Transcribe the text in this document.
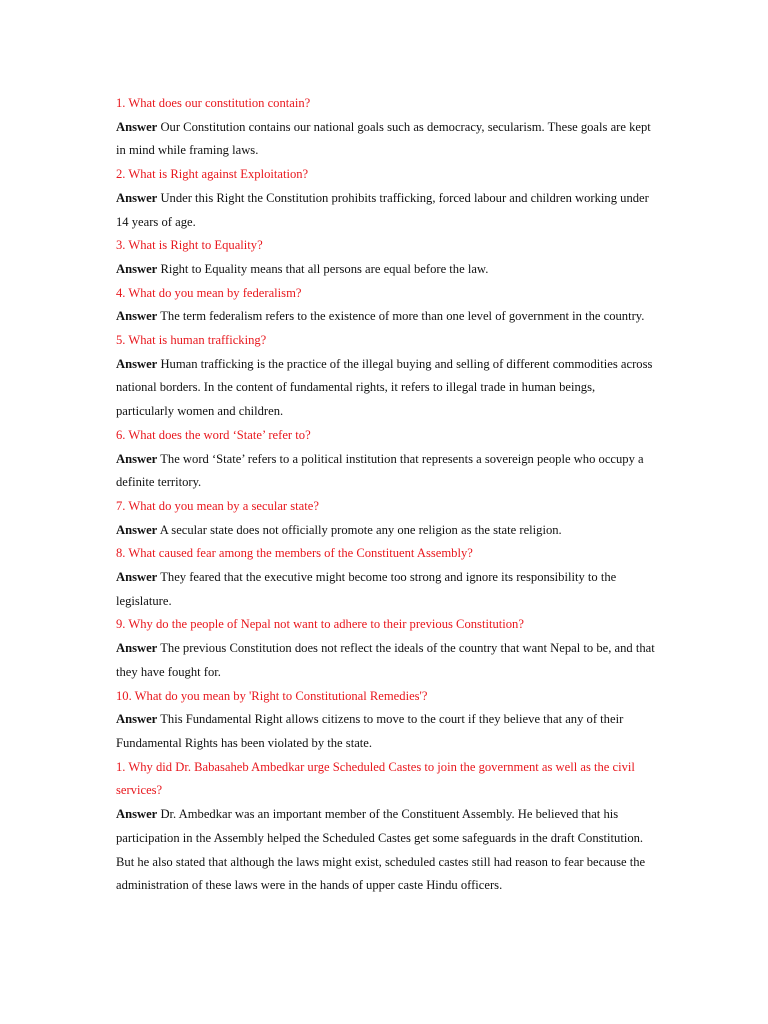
1. What does our constitution contain?

Answer Our Constitution contains our national goals such as democracy, secularism. These goals are kept in mind while framing laws.

2. What is Right against Exploitation?

Answer Under this Right the Constitution prohibits trafficking, forced labour and children working under 14 years of age.

3. What is Right to Equality?

Answer Right to Equality means that all persons are equal before the law.

4. What do you mean by federalism?

Answer The term federalism refers to the existence of more than one level of government in the country.

5. What is human trafficking?

Answer Human trafficking is the practice of the illegal buying and selling of different commodities across national borders. In the content of fundamental rights, it refers to illegal trade in human beings, particularly women and children.

6. What does the word ‘State’ refer to?

Answer The word ‘State’ refers to a political institution that represents a sovereign people who occupy a definite territory.

7. What do you mean by a secular state?

Answer A secular state does not officially promote any one religion as the state religion.

8. What caused fear among the members of the Constituent Assembly?

Answer They feared that the executive might become too strong and ignore its responsibility to the legislature.

9. Why do the people of Nepal not want to adhere to their previous Constitution?

Answer The previous Constitution does not reflect the ideals of the country that want Nepal to be, and that they have fought for.

10. What do you mean by 'Right to Constitutional Remedies'?

Answer This Fundamental Right allows citizens to move to the court if they believe that any of their Fundamental Rights has been violated by the state.

1. Why did Dr. Babasaheb Ambedkar urge Scheduled Castes to join the government as well as the civil services?

Answer Dr. Ambedkar was an important member of the Constituent Assembly. He believed that his participation in the Assembly helped the Scheduled Castes get some safeguards in the draft Constitution. But he also stated that although the laws might exist, scheduled castes still had reason to fear because the administration of these laws were in the hands of upper caste Hindu officers.
